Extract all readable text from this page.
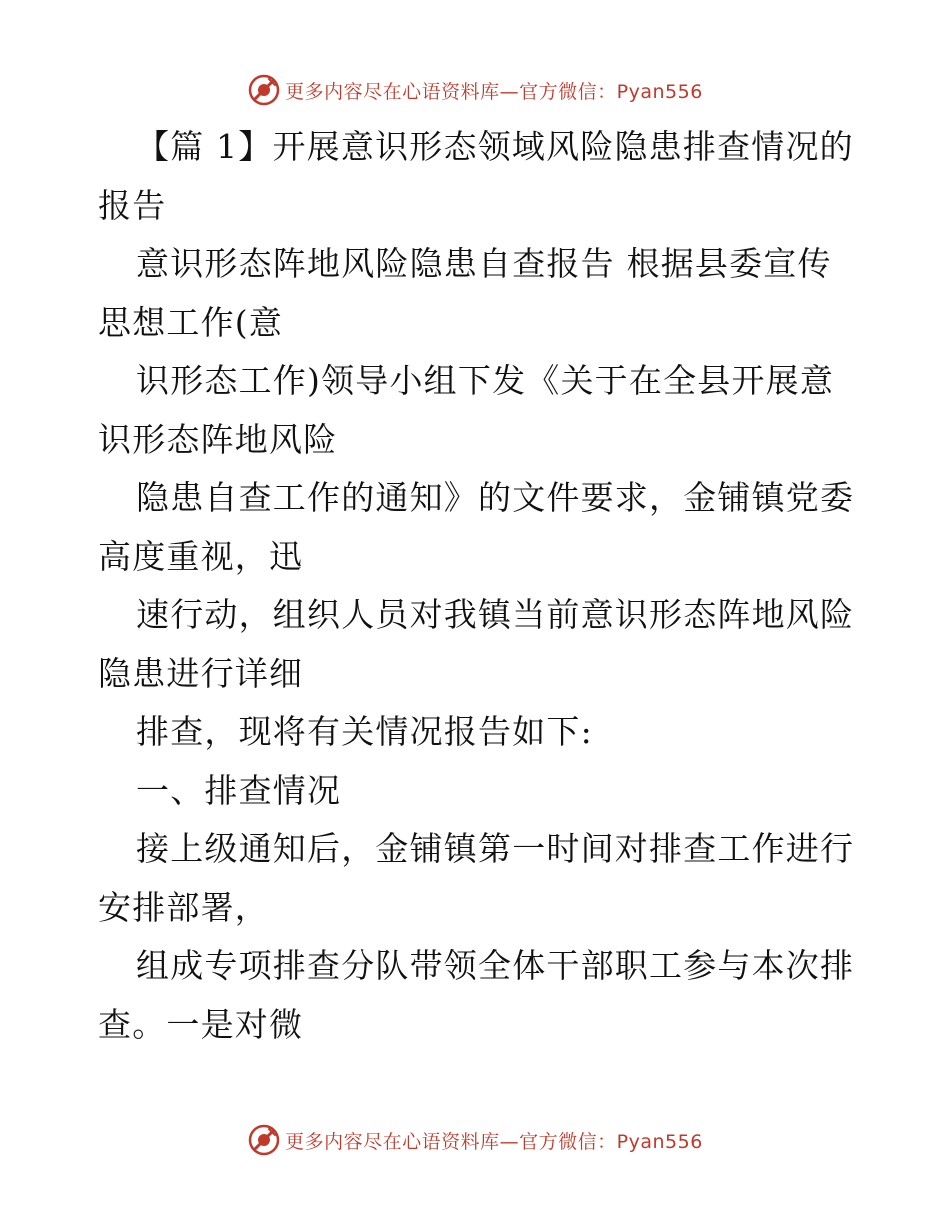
更多内容尽在心语资料库—官方微信：Pyan556

【篇 1】开展意识形态领域风险隐患排查情况的报告

意识形态阵地风险隐患自查报告 根据县委宣传思想工作(意

识形态工作)领导小组下发《关于在全县开展意识形态阵地风险

隐患自查工作的通知》的文件要求，金铺镇党委高度重视，迅

速行动，组织人员对我镇当前意识形态阵地风险隐患进行详细

排查，现将有关情况报告如下:

一、排查情况

接上级通知后，金铺镇第一时间对排查工作进行安排部署，

组成专项排查分队带领全体干部职工参与本次排查。一是对微

更多内容尽在心语资料库—官方微信：Pyan556
